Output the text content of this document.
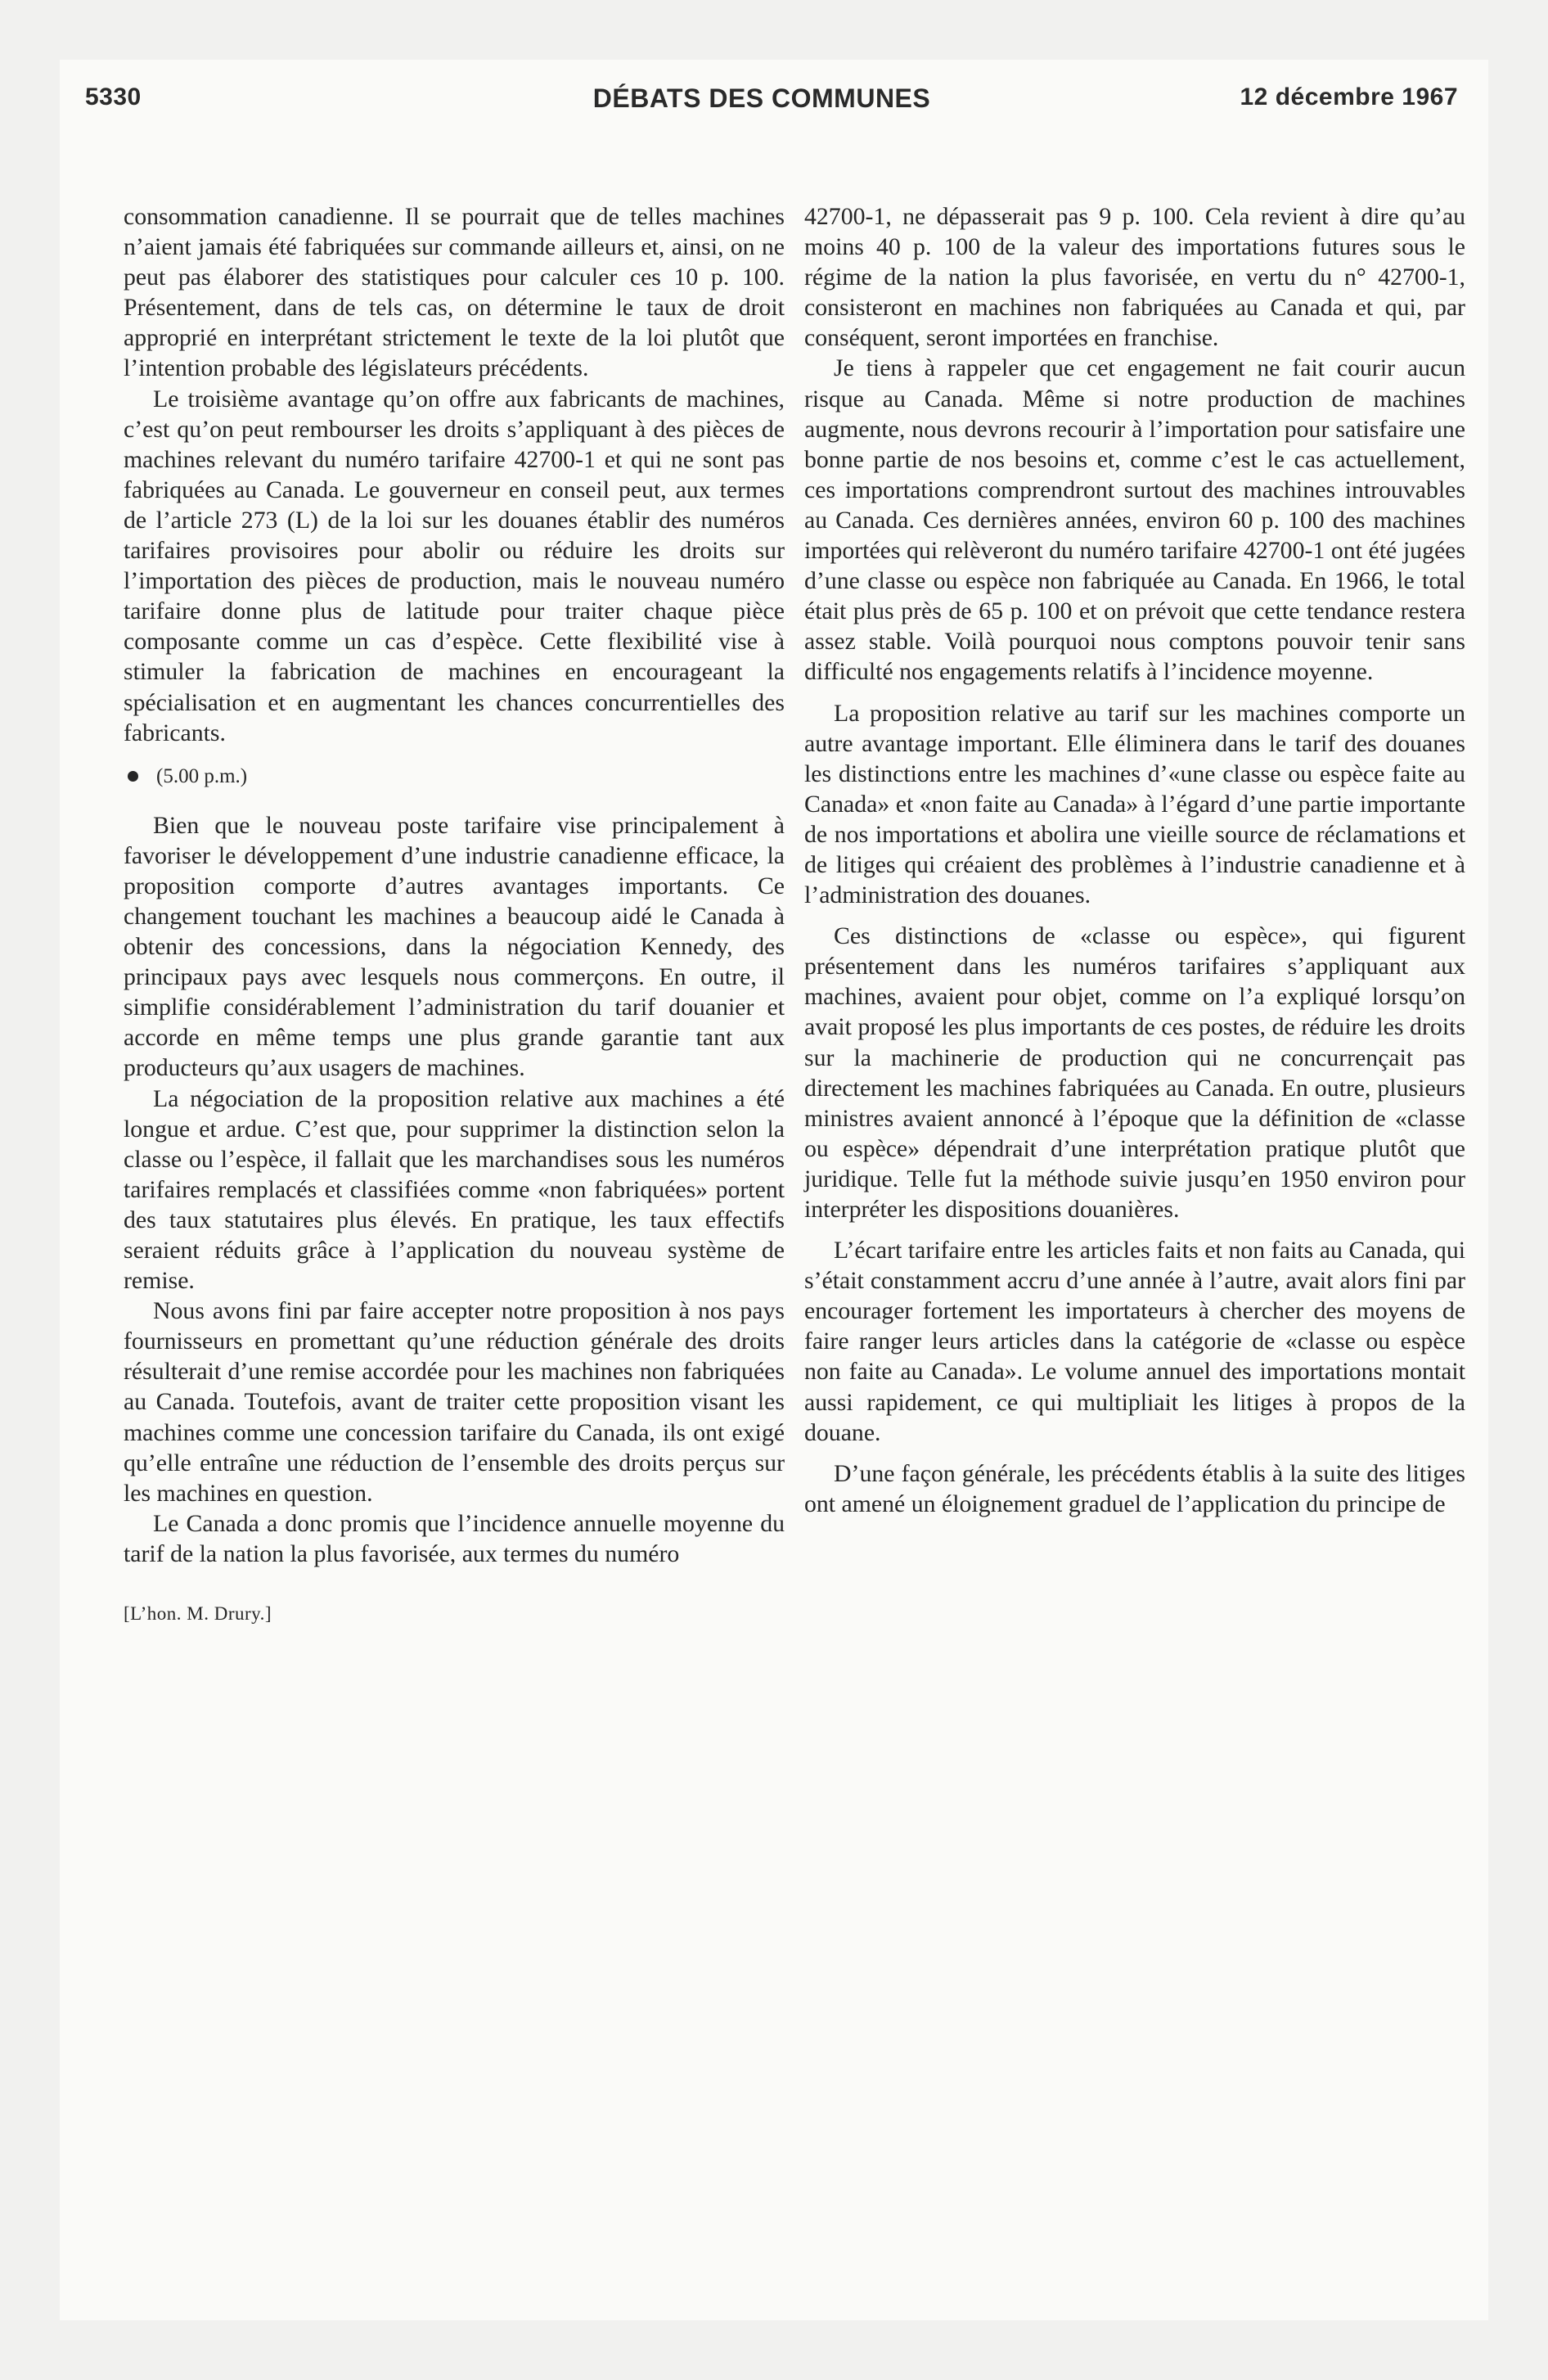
5330	DÉBATS DES COMMUNES	12 décembre 1967

consommation canadienne. Il se pourrait que de telles machines n’aient jamais été fabriquées sur commande ailleurs et, ainsi, on ne peut pas élaborer des statistiques pour calculer ces 10 p. 100. Présentement, dans de tels cas, on détermine le taux de droit approprié en interprétant strictement le texte de la loi plutôt que l’intention probable des législateurs précédents.

Le troisième avantage qu’on offre aux fabricants de machines, c’est qu’on peut rembourser les droits s’appliquant à des pièces de machines relevant du numéro tarifaire 42700-1 et qui ne sont pas fabriquées au Canada. Le gouverneur en conseil peut, aux termes de l’article 273 (L) de la loi sur les douanes établir des numéros tarifaires provisoires pour abolir ou réduire les droits sur l’importation des pièces de production, mais le nouveau numéro tarifaire donne plus de latitude pour traiter chaque pièce composante comme un cas d’espèce. Cette flexibilité vise à stimuler la fabrication de machines en encourageant la spécialisation et en augmentant les chances concurrentielles des fabricants.

(5.00 p.m.)

Bien que le nouveau poste tarifaire vise principalement à favoriser le développement d’une industrie canadienne efficace, la proposition comporte d’autres avantages importants. Ce changement touchant les machines a beaucoup aidé le Canada à obtenir des concessions, dans la négociation Kennedy, des principaux pays avec lesquels nous commerçons. En outre, il simplifie considérablement l’administration du tarif douanier et accorde en même temps une plus grande garantie tant aux producteurs qu’aux usagers de machines.

La négociation de la proposition relative aux machines a été longue et ardue. C’est que, pour supprimer la distinction selon la classe ou l’espèce, il fallait que les marchandises sous les numéros tarifaires remplacés et classifiées comme «non fabriquées» portent des taux statutaires plus élevés. En pratique, les taux effectifs seraient réduits grâce à l’application du nouveau système de remise.

Nous avons fini par faire accepter notre proposition à nos pays fournisseurs en promettant qu’une réduction générale des droits résulterait d’une remise accordée pour les machines non fabriquées au Canada. Toutefois, avant de traiter cette proposition visant les machines comme une concession tarifaire du Canada, ils ont exigé qu’elle entraîne une réduction de l’ensemble des droits perçus sur les machines en question.

Le Canada a donc promis que l’incidence annuelle moyenne du tarif de la nation la plus favorisée, aux termes du numéro

[L’hon. M. Drury.]

42700-1, ne dépasserait pas 9 p. 100. Cela revient à dire qu’au moins 40 p. 100 de la valeur des importations futures sous le régime de la nation la plus favorisée, en vertu du n° 42700-1, consisteront en machines non fabriquées au Canada et qui, par conséquent, seront importées en franchise.

Je tiens à rappeler que cet engagement ne fait courir aucun risque au Canada. Même si notre production de machines augmente, nous devrons recourir à l’importation pour satisfaire une bonne partie de nos besoins et, comme c’est le cas actuellement, ces importations comprendront surtout des machines introuvables au Canada. Ces dernières années, environ 60 p. 100 des machines importées qui relèveront du numéro tarifaire 42700-1 ont été jugées d’une classe ou espèce non fabriquée au Canada. En 1966, le total était plus près de 65 p. 100 et on prévoit que cette tendance restera assez stable. Voilà pourquoi nous comptons pouvoir tenir sans difficulté nos engagements relatifs à l’incidence moyenne.

La proposition relative au tarif sur les machines comporte un autre avantage important. Elle éliminera dans le tarif des douanes les distinctions entre les machines d’«une classe ou espèce faite au Canada» et «non faite au Canada» à l’égard d’une partie importante de nos importations et abolira une vieille source de réclamations et de litiges qui créaient des problèmes à l’industrie canadienne et à l’administration des douanes.

Ces distinctions de «classe ou espèce», qui figurent présentement dans les numéros tarifaires s’appliquant aux machines, avaient pour objet, comme on l’a expliqué lorsqu’on avait proposé les plus importants de ces postes, de réduire les droits sur la machinerie de production qui ne concurrençait pas directement les machines fabriquées au Canada. En outre, plusieurs ministres avaient annoncé à l’époque que la définition de «classe ou espèce» dépendrait d’une interprétation pratique plutôt que juridique. Telle fut la méthode suivie jusqu’en 1950 environ pour interpréter les dispositions douanières.

L’écart tarifaire entre les articles faits et non faits au Canada, qui s’était constamment accru d’une année à l’autre, avait alors fini par encourager fortement les importateurs à chercher des moyens de faire ranger leurs articles dans la catégorie de «classe ou espèce non faite au Canada». Le volume annuel des importations montait aussi rapidement, ce qui multipliait les litiges à propos de la douane.

D’une façon générale, les précédents établis à la suite des litiges ont amené un éloignement graduel de l’application du principe de
